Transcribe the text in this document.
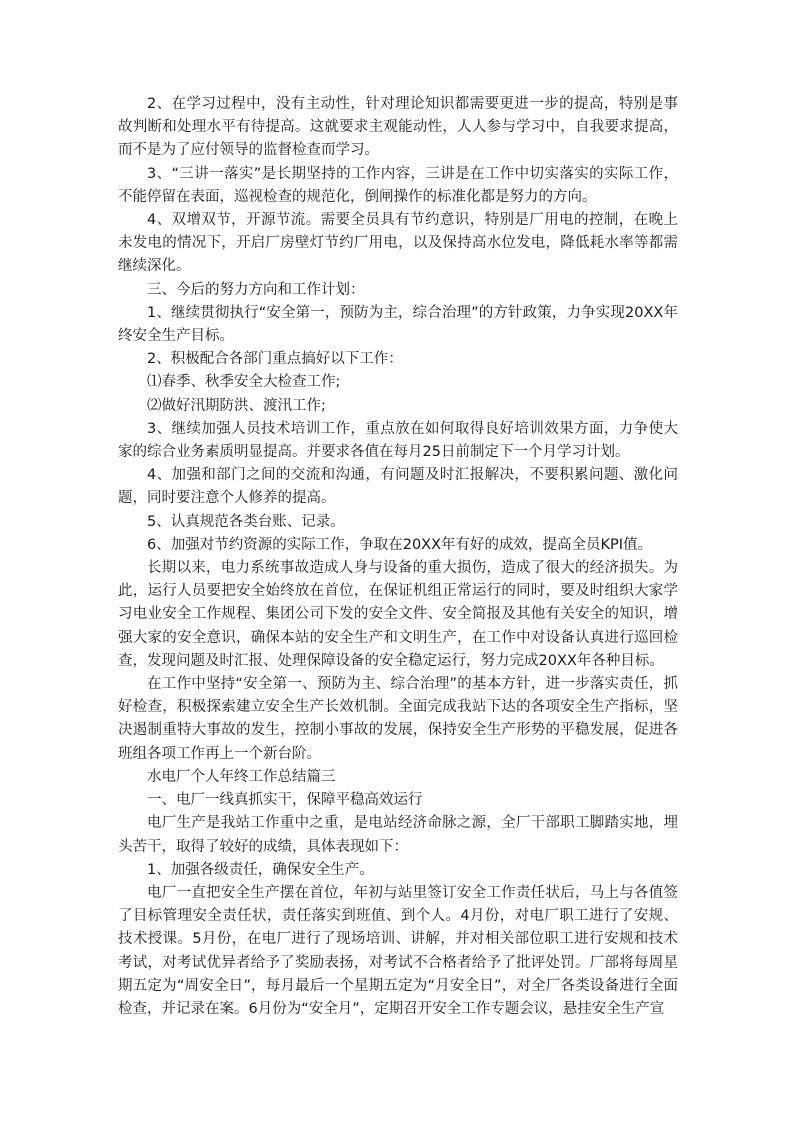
2、在学习过程中，没有主动性，针对理论知识都需要更进一步的提高，特别是事故判断和处理水平有待提高。这就要求主观能动性，人人参与学习中，自我要求提高，而不是为了应付领导的监督检查而学习。

3、“三讲一落实”是长期坚持的工作内容，三讲是在工作中切实落实的实际工作，不能停留在表面，巡视检查的规范化，倒闸操作的标准化都是努力的方向。

4、双增双节，开源节流。需要全员具有节约意识，特别是厂用电的控制，在晚上未发电的情况下，开启厂房壁灯节约厂用电，以及保持高水位发电，降低耗水率等都需继续深化。

三、今后的努力方向和工作计划：

1、继续贯彻执行“安全第一，预防为主，综合治理”的方针政策，力争实现20XX年终安全生产目标。

2、积极配合各部门重点搞好以下工作：

⑴春季、秋季安全大检查工作;

⑵做好汛期防洪、渡汛工作;

3、继续加强人员技术培训工作，重点放在如何取得良好培训效果方面，力争使大家的综合业务素质明显提高。并要求各值在每月25日前制定下一个月学习计划。

4、加强和部门之间的交流和沟通，有问题及时汇报解决，不要积累问题、激化问题，同时要注意个人修养的提高。

5、认真规范各类台账、记录。

6、加强对节约资源的实际工作，争取在20XX年有好的成效，提高全员KPI值。

长期以来，电力系统事故造成人身与设备的重大损伤，造成了很大的经济损失。为此，运行人员要把安全始终放在首位，在保证机组正常运行的同时，要及时组织大家学习电业安全工作规程、集团公司下发的安全文件、安全简报及其他有关安全的知识，增强大家的安全意识，确保本站的安全生产和文明生产，在工作中对设备认真进行巡回检查，发现问题及时汇报、处理保障设备的安全稳定运行，努力完成20XX年各种目标。

在工作中坚持“安全第一、预防为主、综合治理”的基本方针，进一步落实责任，抓好检查，积极探索建立安全生产长效机制。全面完成我站下达的各项安全生产指标，坚决遏制重特大事故的发生，控制小事故的发展，保持安全生产形势的平稳发展，促进各班组各项工作再上一个新台阶。

水电厂个人年终工作总结篇三

一、电厂一线真抓实干，保障平稳高效运行

电厂生产是我站工作重中之重，是电站经济命脉之源，全厂干部职工脚踏实地，埋头苦干，取得了较好的成绩，具体表现如下：

1、加强各级责任，确保安全生产。

电厂一直把安全生产摆在首位，年初与站里签订安全工作责任状后，马上与各值签了目标管理安全责任状，责任落实到班值、到个人。4月份，对电厂职工进行了安规、技术授课。5月份，在电厂进行了现场培训、讲解，并对相关部位职工进行安规和技术考试，对考试优异者给予了奖励表扬，对考试不合格者给予了批评处罚。厂部将每周星期五定为“周安全日”，每月最后一个星期五定为“月安全日”，对全厂各类设备进行全面检查，并记录在案。6月份为“安全月”，定期召开安全工作专题会议，悬挂安全生产宣
